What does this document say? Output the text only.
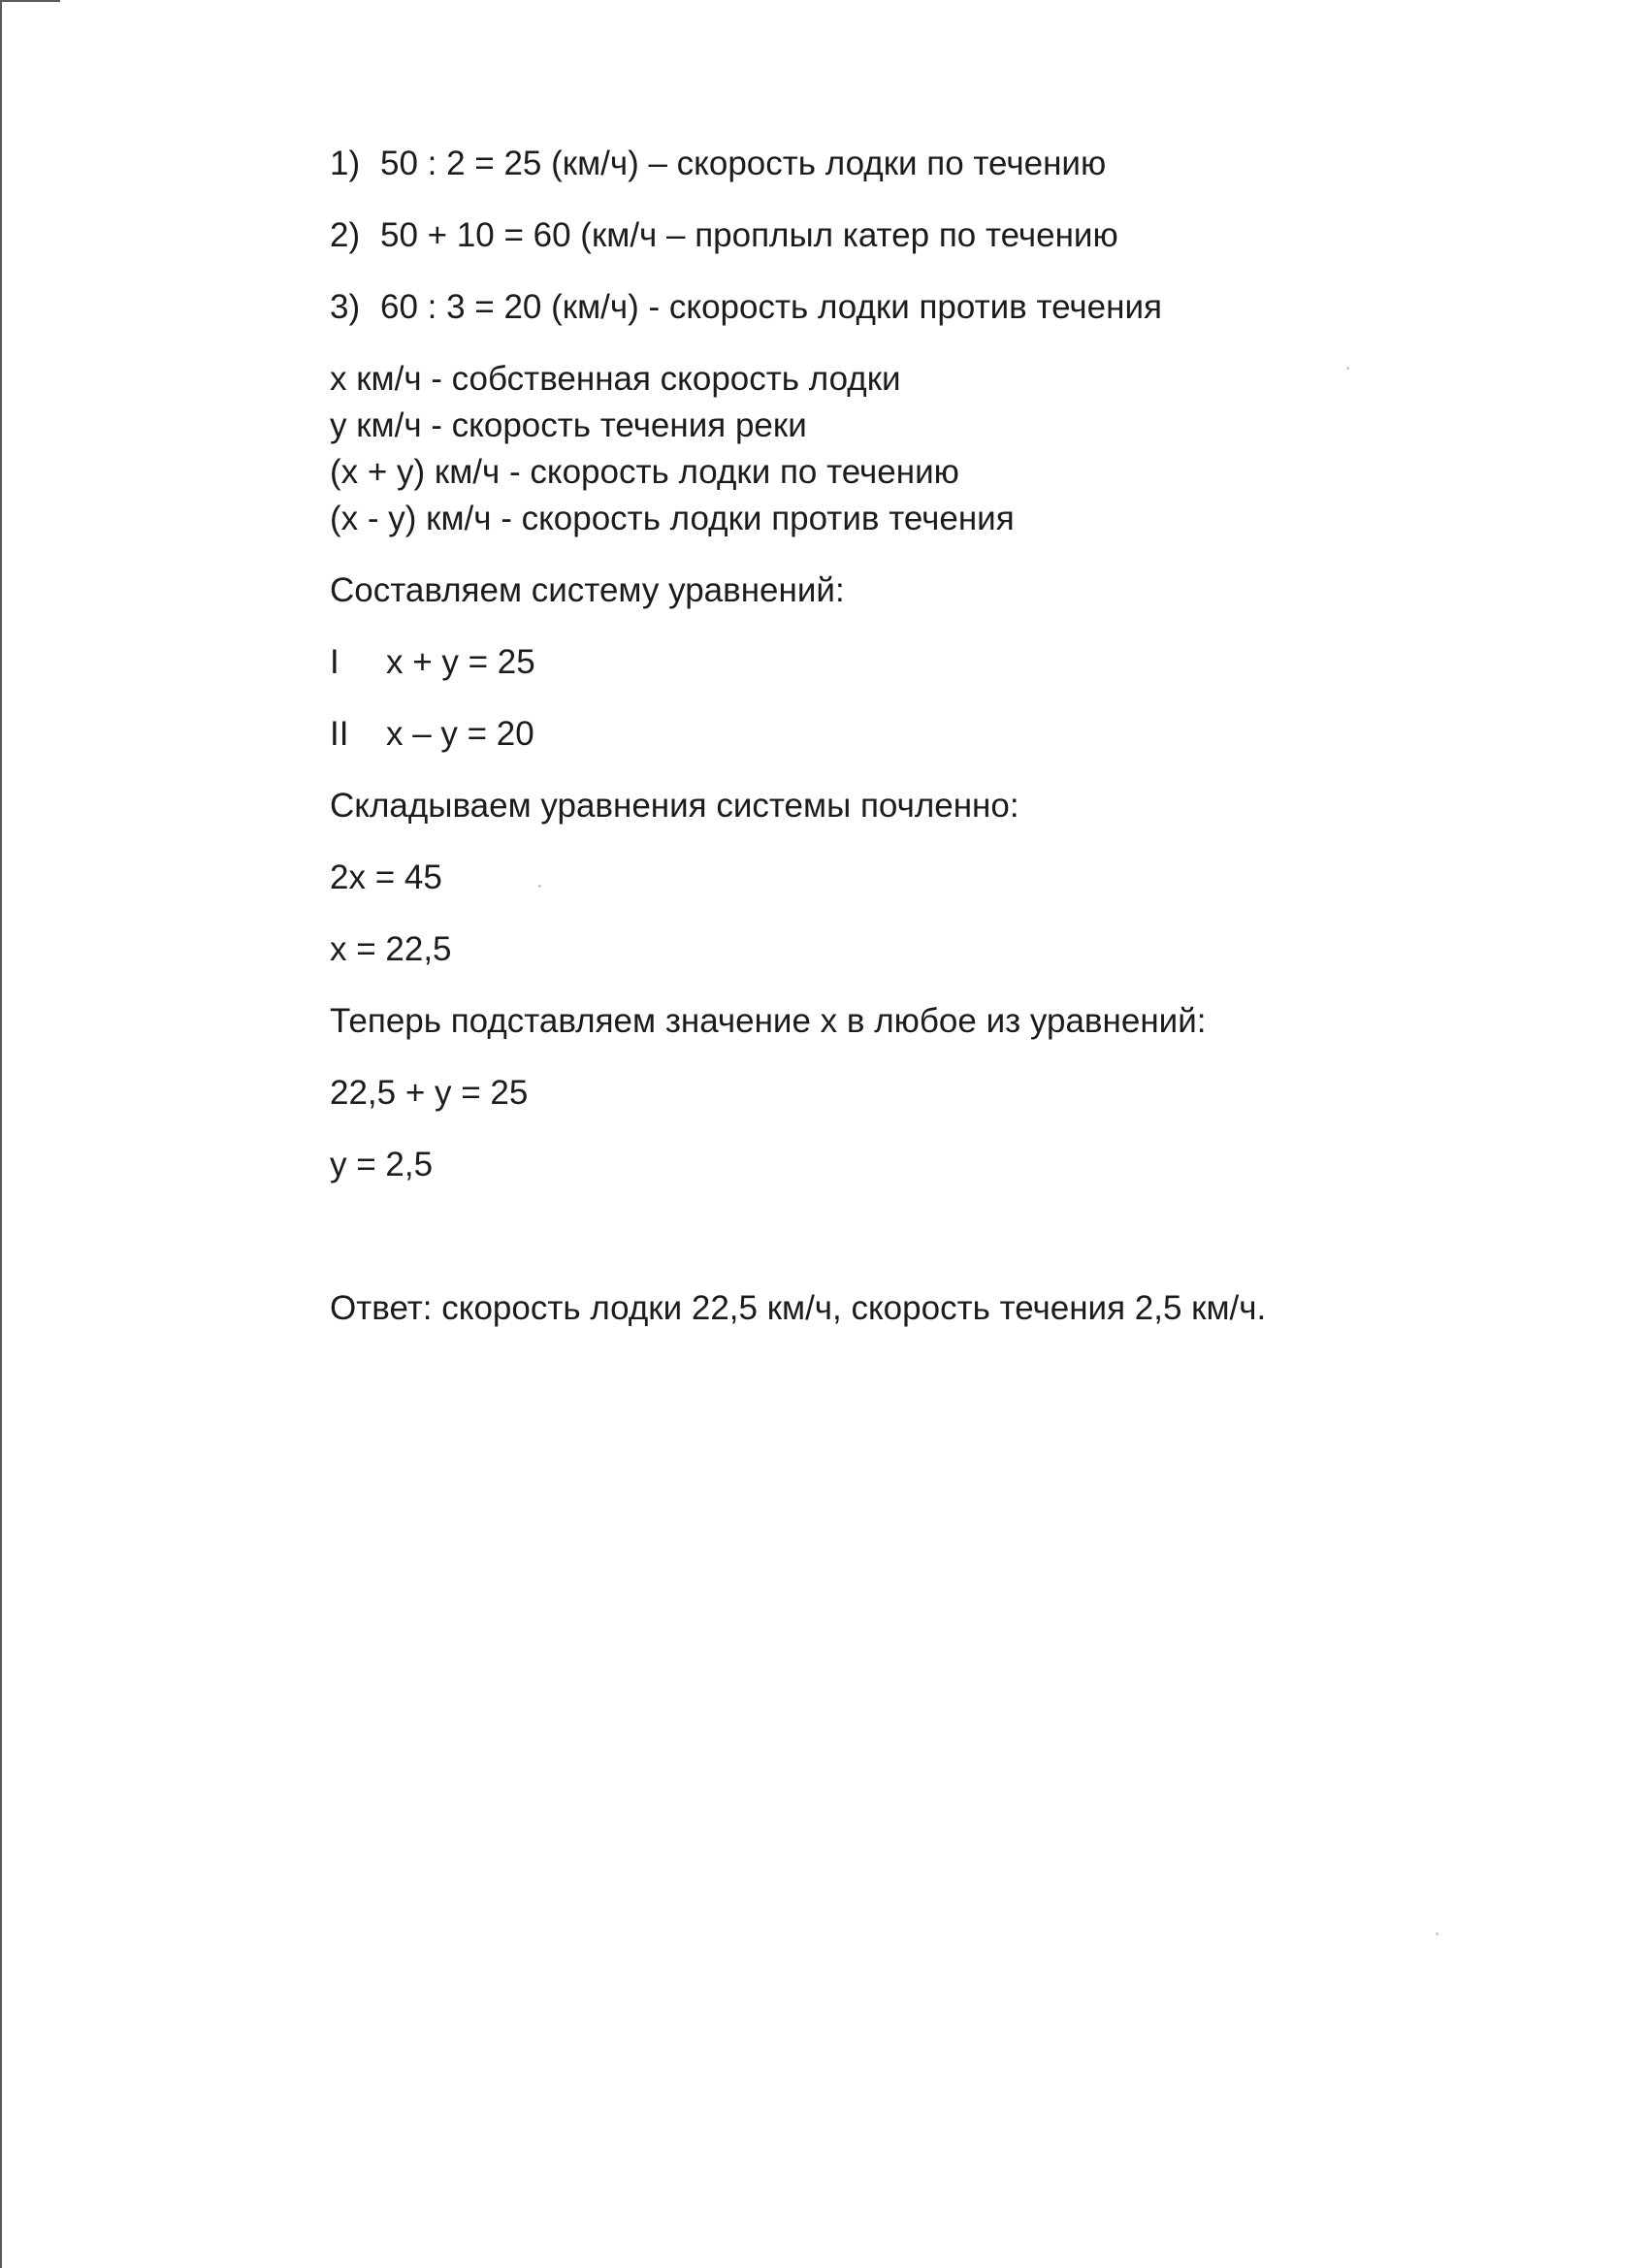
1) 50 : 2 = 25 (км/ч) – скорость лодки по течению
2) 50 + 10 = 60 (км/ч – проплыл катер по течению
3) 60 : 3 = 20 (км/ч) - скорость лодки против течения
x км/ч - собственная скорость лодки
y км/ч - скорость течения реки
(x + y) км/ч - скорость лодки по течению
(x - y) км/ч - скорость лодки против течения
Составляем систему уравнений:
I x + y = 25
II x – y = 20
Складываем уравнения системы почленно:
2x = 45
x = 22,5
Теперь подставляем значение x в любое из уравнений:
22,5 + y = 25
y = 2,5
Ответ: скорость лодки 22,5 км/ч, скорость течения 2,5 км/ч.
